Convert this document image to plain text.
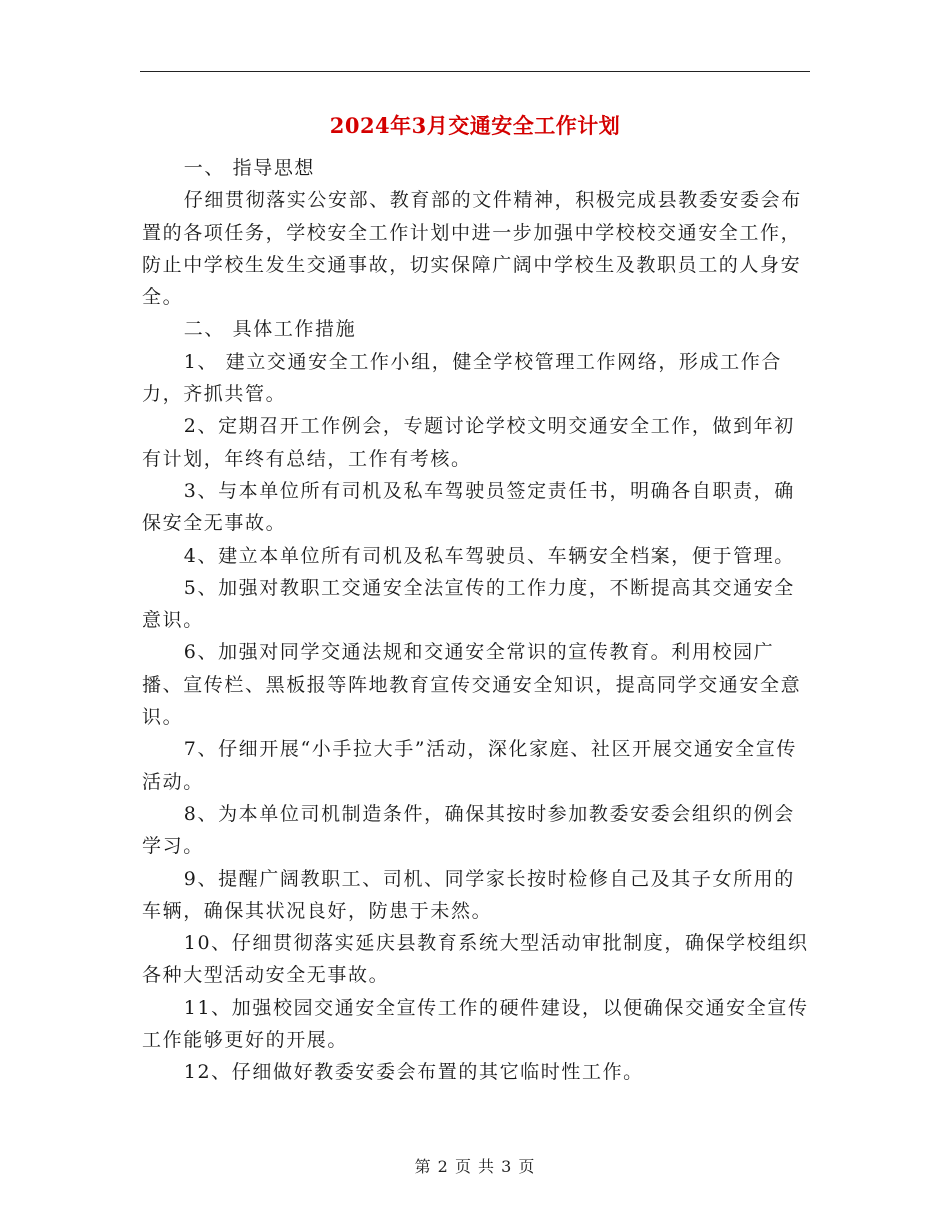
2024年3月交通安全工作计划

一、 指导思想

仔细贯彻落实公安部、教育部的文件精神，积极完成县教委安委会布置的各项任务，学校安全工作计划中进一步加强中学校校交通安全工作，防止中学校生发生交通事故，切实保障广阔中学校生及教职员工的人身安全。

二、 具体工作措施

1、 建立交通安全工作小组，健全学校管理工作网络，形成工作合力，齐抓共管。

2、定期召开工作例会，专题讨论学校文明交通安全工作，做到年初有计划，年终有总结，工作有考核。

3、与本单位所有司机及私车驾驶员签定责任书，明确各自职责，确保安全无事故。

4、建立本单位所有司机及私车驾驶员、车辆安全档案，便于管理。

5、加强对教职工交通安全法宣传的工作力度，不断提高其交通安全意识。

6、加强对同学交通法规和交通安全常识的宣传教育。利用校园广播、宣传栏、黑板报等阵地教育宣传交通安全知识，提高同学交通安全意识。

7、仔细开展“小手拉大手”活动，深化家庭、社区开展交通安全宣传活动。

8、为本单位司机制造条件，确保其按时参加教委安委会组织的例会学习。

9、提醒广阔教职工、司机、同学家长按时检修自己及其子女所用的车辆，确保其状况良好，防患于未然。

10、仔细贯彻落实延庆县教育系统大型活动审批制度，确保学校组织各种大型活动安全无事故。

11、加强校园交通安全宣传工作的硬件建设，以便确保交通安全宣传工作能够更好的开展。

12、仔细做好教委安委会布置的其它临时性工作。

第 2 页 共 3 页
